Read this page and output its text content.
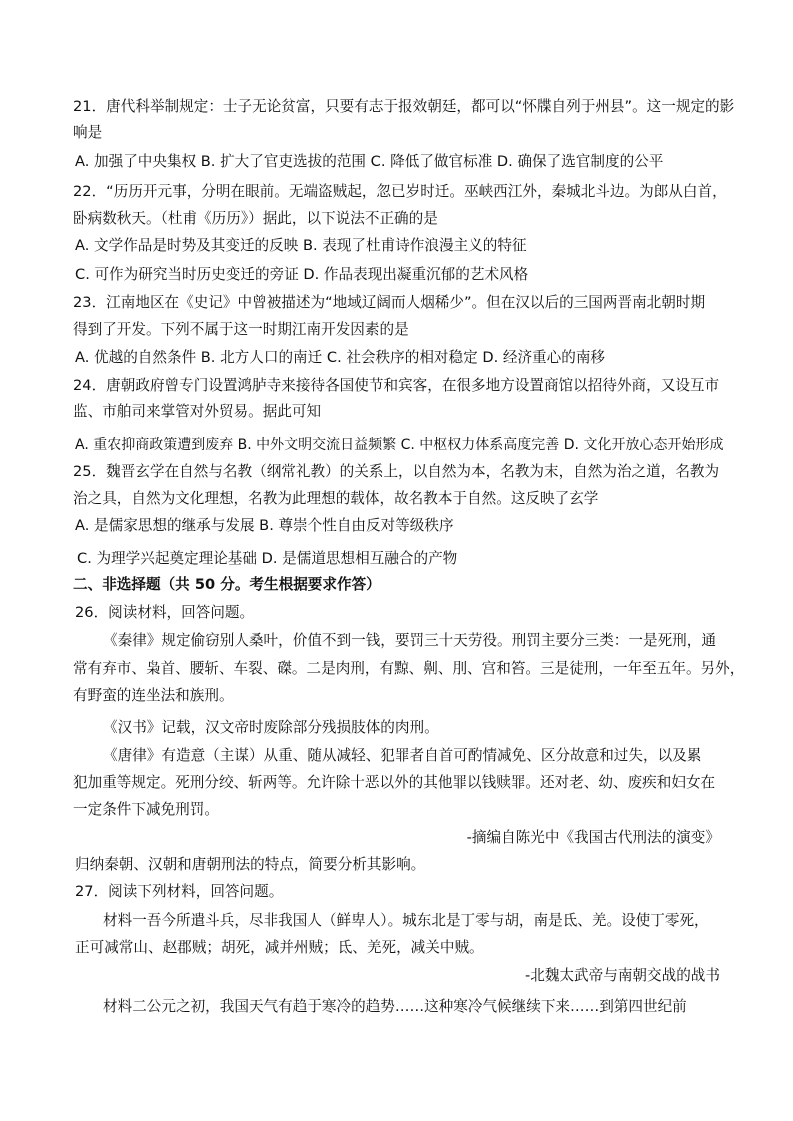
21．唐代科举制规定：士子无论贫富，只要有志于报效朝廷，都可以“怀牒自列于州县”。这一规定的影
响是
A. 加强了中央集权 B. 扩大了官吏选拔的范围 C. 降低了做官标准 D. 确保了选官制度的公平
22．“历历开元事，分明在眼前。无端盗贼起，忽已岁时迁。巫峡西江外，秦城北斗边。为郎从白首，
卧病数秋天。（杜甫《历历》）据此，以下说法不正确的是
A. 文学作品是时势及其变迁的反映 B. 表现了杜甫诗作浪漫主义的特征
C. 可作为研究当时历史变迁的旁证 D. 作品表现出凝重沉郁的艺术风格
23．江南地区在《史记》中曾被描述为“地域辽阔而人烟稀少”。但在汉以后的三国两晋南北朝时期
得到了开发。下列不属于这一时期江南开发因素的是
A. 优越的自然条件 B. 北方人口的南迁 C. 社会秩序的相对稳定 D. 经济重心的南移
24．唐朝政府曾专门设置鸿胪寺来接待各国使节和宾客，在很多地方设置商馆以招待外商，又设互市
监、市舶司来掌管对外贸易。据此可知
A. 重农抑商政策遭到废弃 B. 中外文明交流日益频繁 C. 中枢权力体系高度完善 D. 文化开放心态开始形成
25．魏晋玄学在自然与名教（纲常礼教）的关系上，以自然为本，名教为末，自然为治之道，名教为
治之具，自然为文化理想，名教为此理想的载体，故名教本于自然。这反映了玄学
A. 是儒家思想的继承与发展 B. 尊崇个性自由反对等级秩序
C. 为理学兴起奠定理论基础 D. 是儒道思想相互融合的产物
二、非选择题（共 50 分。考生根据要求作答）
26．阅读材料，回答问题。
《秦律》规定偷窃别人桑叶，价值不到一钱，要罚三十天劳役。刑罚主要分三类：一是死刑，通
常有弃市、枭首、腰斩、车裂、磔。二是肉刑，有黥、劓、刖、宫和笞。三是徒刑，一年至五年。另外，
有野蛮的连坐法和族刑。
《汉书》记载，汉文帝时废除部分残损肢体的肉刑。
《唐律》有造意（主谋）从重、随从减轻、犯罪者自首可酌情减免、区分故意和过失，以及累
犯加重等规定。死刑分绞、斩两等。允许除十恶以外的其他罪以钱赎罪。还对老、幼、废疾和妇女在
一定条件下减免刑罚。
-摘编自陈光中《我国古代刑法的演变》
归纳秦朝、汉朝和唐朝刑法的特点，简要分析其影响。
27．阅读下列材料，回答问题。
材料一吾今所遣斗兵，尽非我国人（鲜卑人）。城东北是丁零与胡，南是氐、羌。设使丁零死，
正可减常山、赵郡贼；胡死，减并州贼；氐、羌死，减关中贼。
-北魏太武帝与南朝交战的战书
材料二公元之初，我国天气有趋于寒冷的趋势……这种寒冷气候继续下来……到第四世纪前
